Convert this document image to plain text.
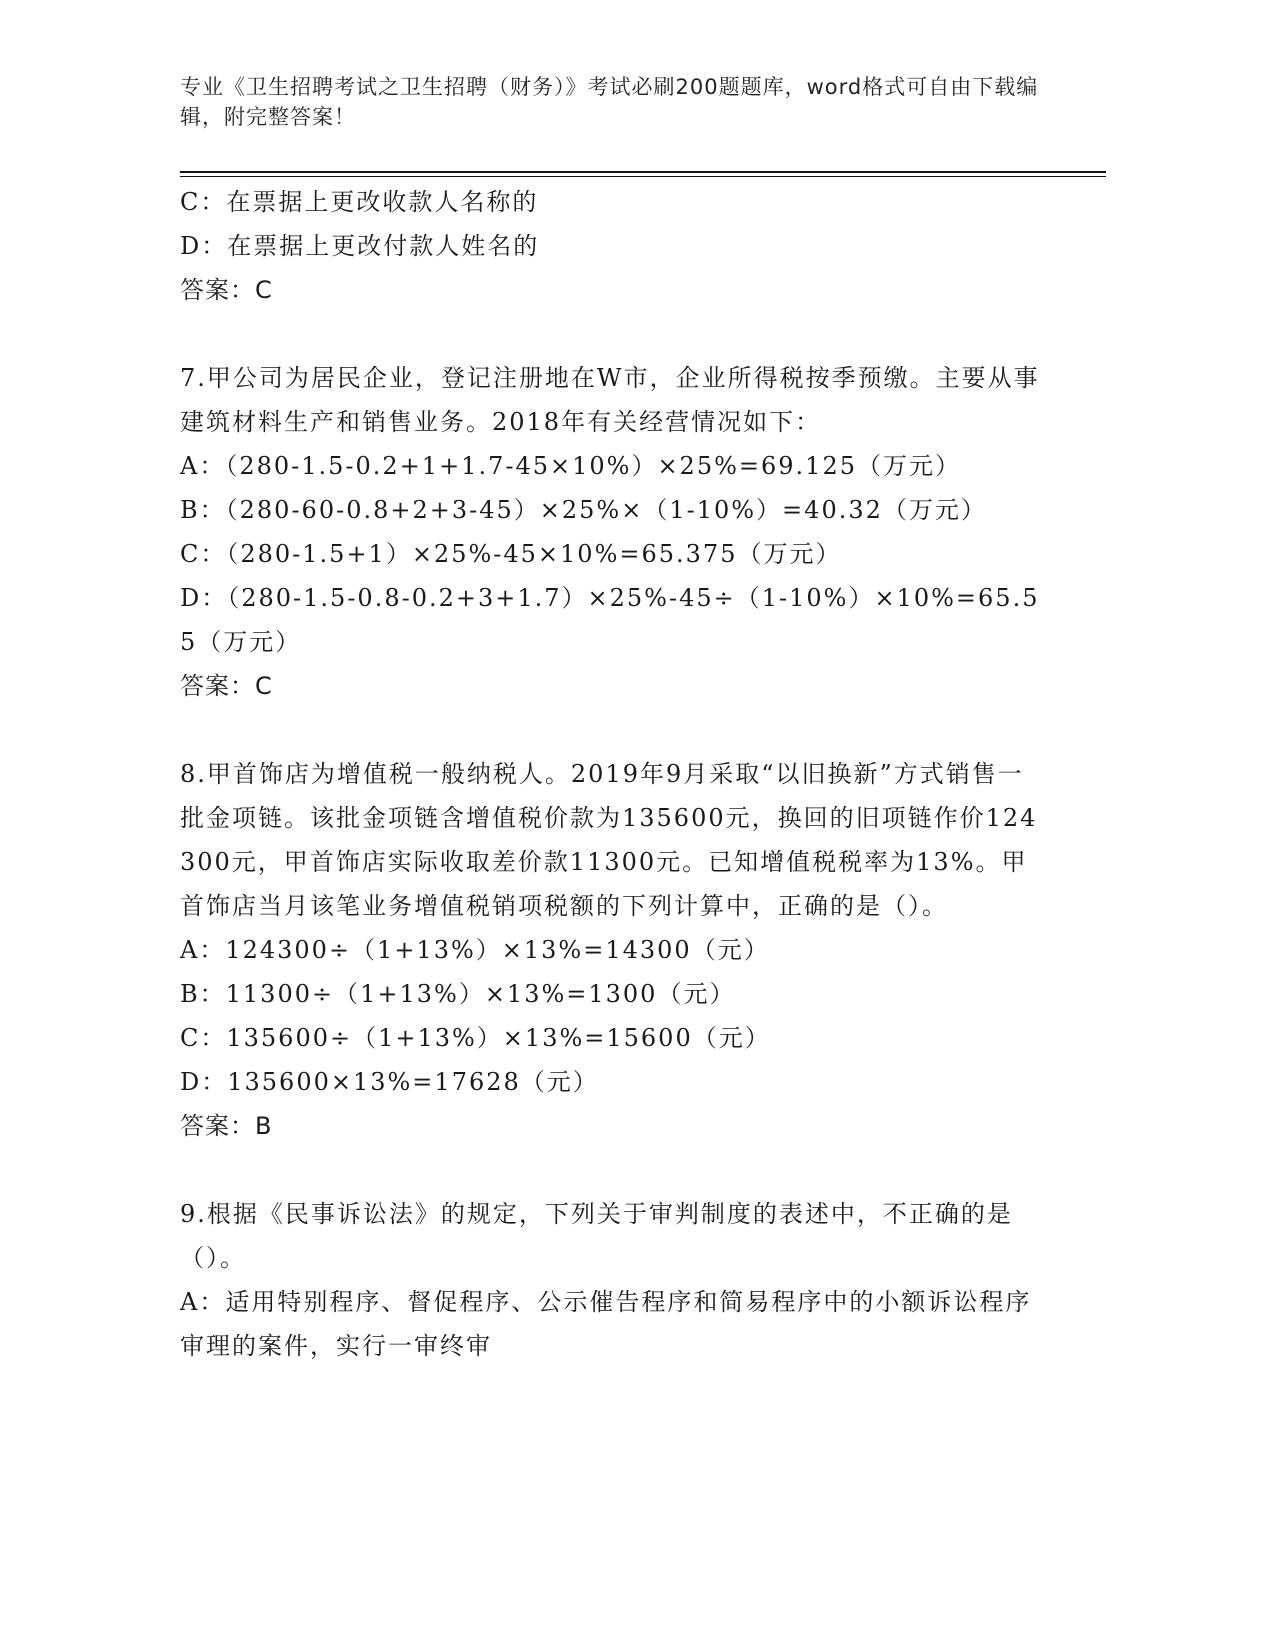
专业《卫生招聘考试之卫生招聘（财务）》考试必刷200题题库，word格式可自由下载编辑，附完整答案！
C：在票据上更改收款人名称的
D：在票据上更改付款人姓名的
答案：C
7.甲公司为居民企业，登记注册地在W市，企业所得税按季预缴。主要从事建筑材料生产和销售业务。2018年有关经营情况如下：
A：（280-1.5-0.2+1+1.7-45×10%）×25%=69.125（万元）
B：（280-60-0.8+2+3-45）×25%×（1-10%）=40.32（万元）
C：（280-1.5+1）×25%-45×10%=65.375（万元）
D：（280-1.5-0.8-0.2+3+1.7）×25%-45÷（1-10%）×10%=65.55（万元）
答案：C
8.甲首饰店为增值税一般纳税人。2019年9月采取“以旧换新”方式销售一批金项链。该批金项链含增值税价款为135600元，换回的旧项链作价124300元，甲首饰店实际收取差价款11300元。已知增值税税率为13%。甲首饰店当月该笔业务增值税销项税额的下列计算中，正确的是（）。
A：124300÷（1+13%）×13%=14300（元）
B：11300÷（1+13%）×13%=1300（元）
C：135600÷（1+13%）×13%=15600（元）
D：135600×13%=17628（元）
答案：B
9.根据《民事诉讼法》的规定，下列关于审判制度的表述中，不正确的是（）。
A：适用特别程序、督促程序、公示催告程序和简易程序中的小额诉讼程序审理的案件，实行一审终审
